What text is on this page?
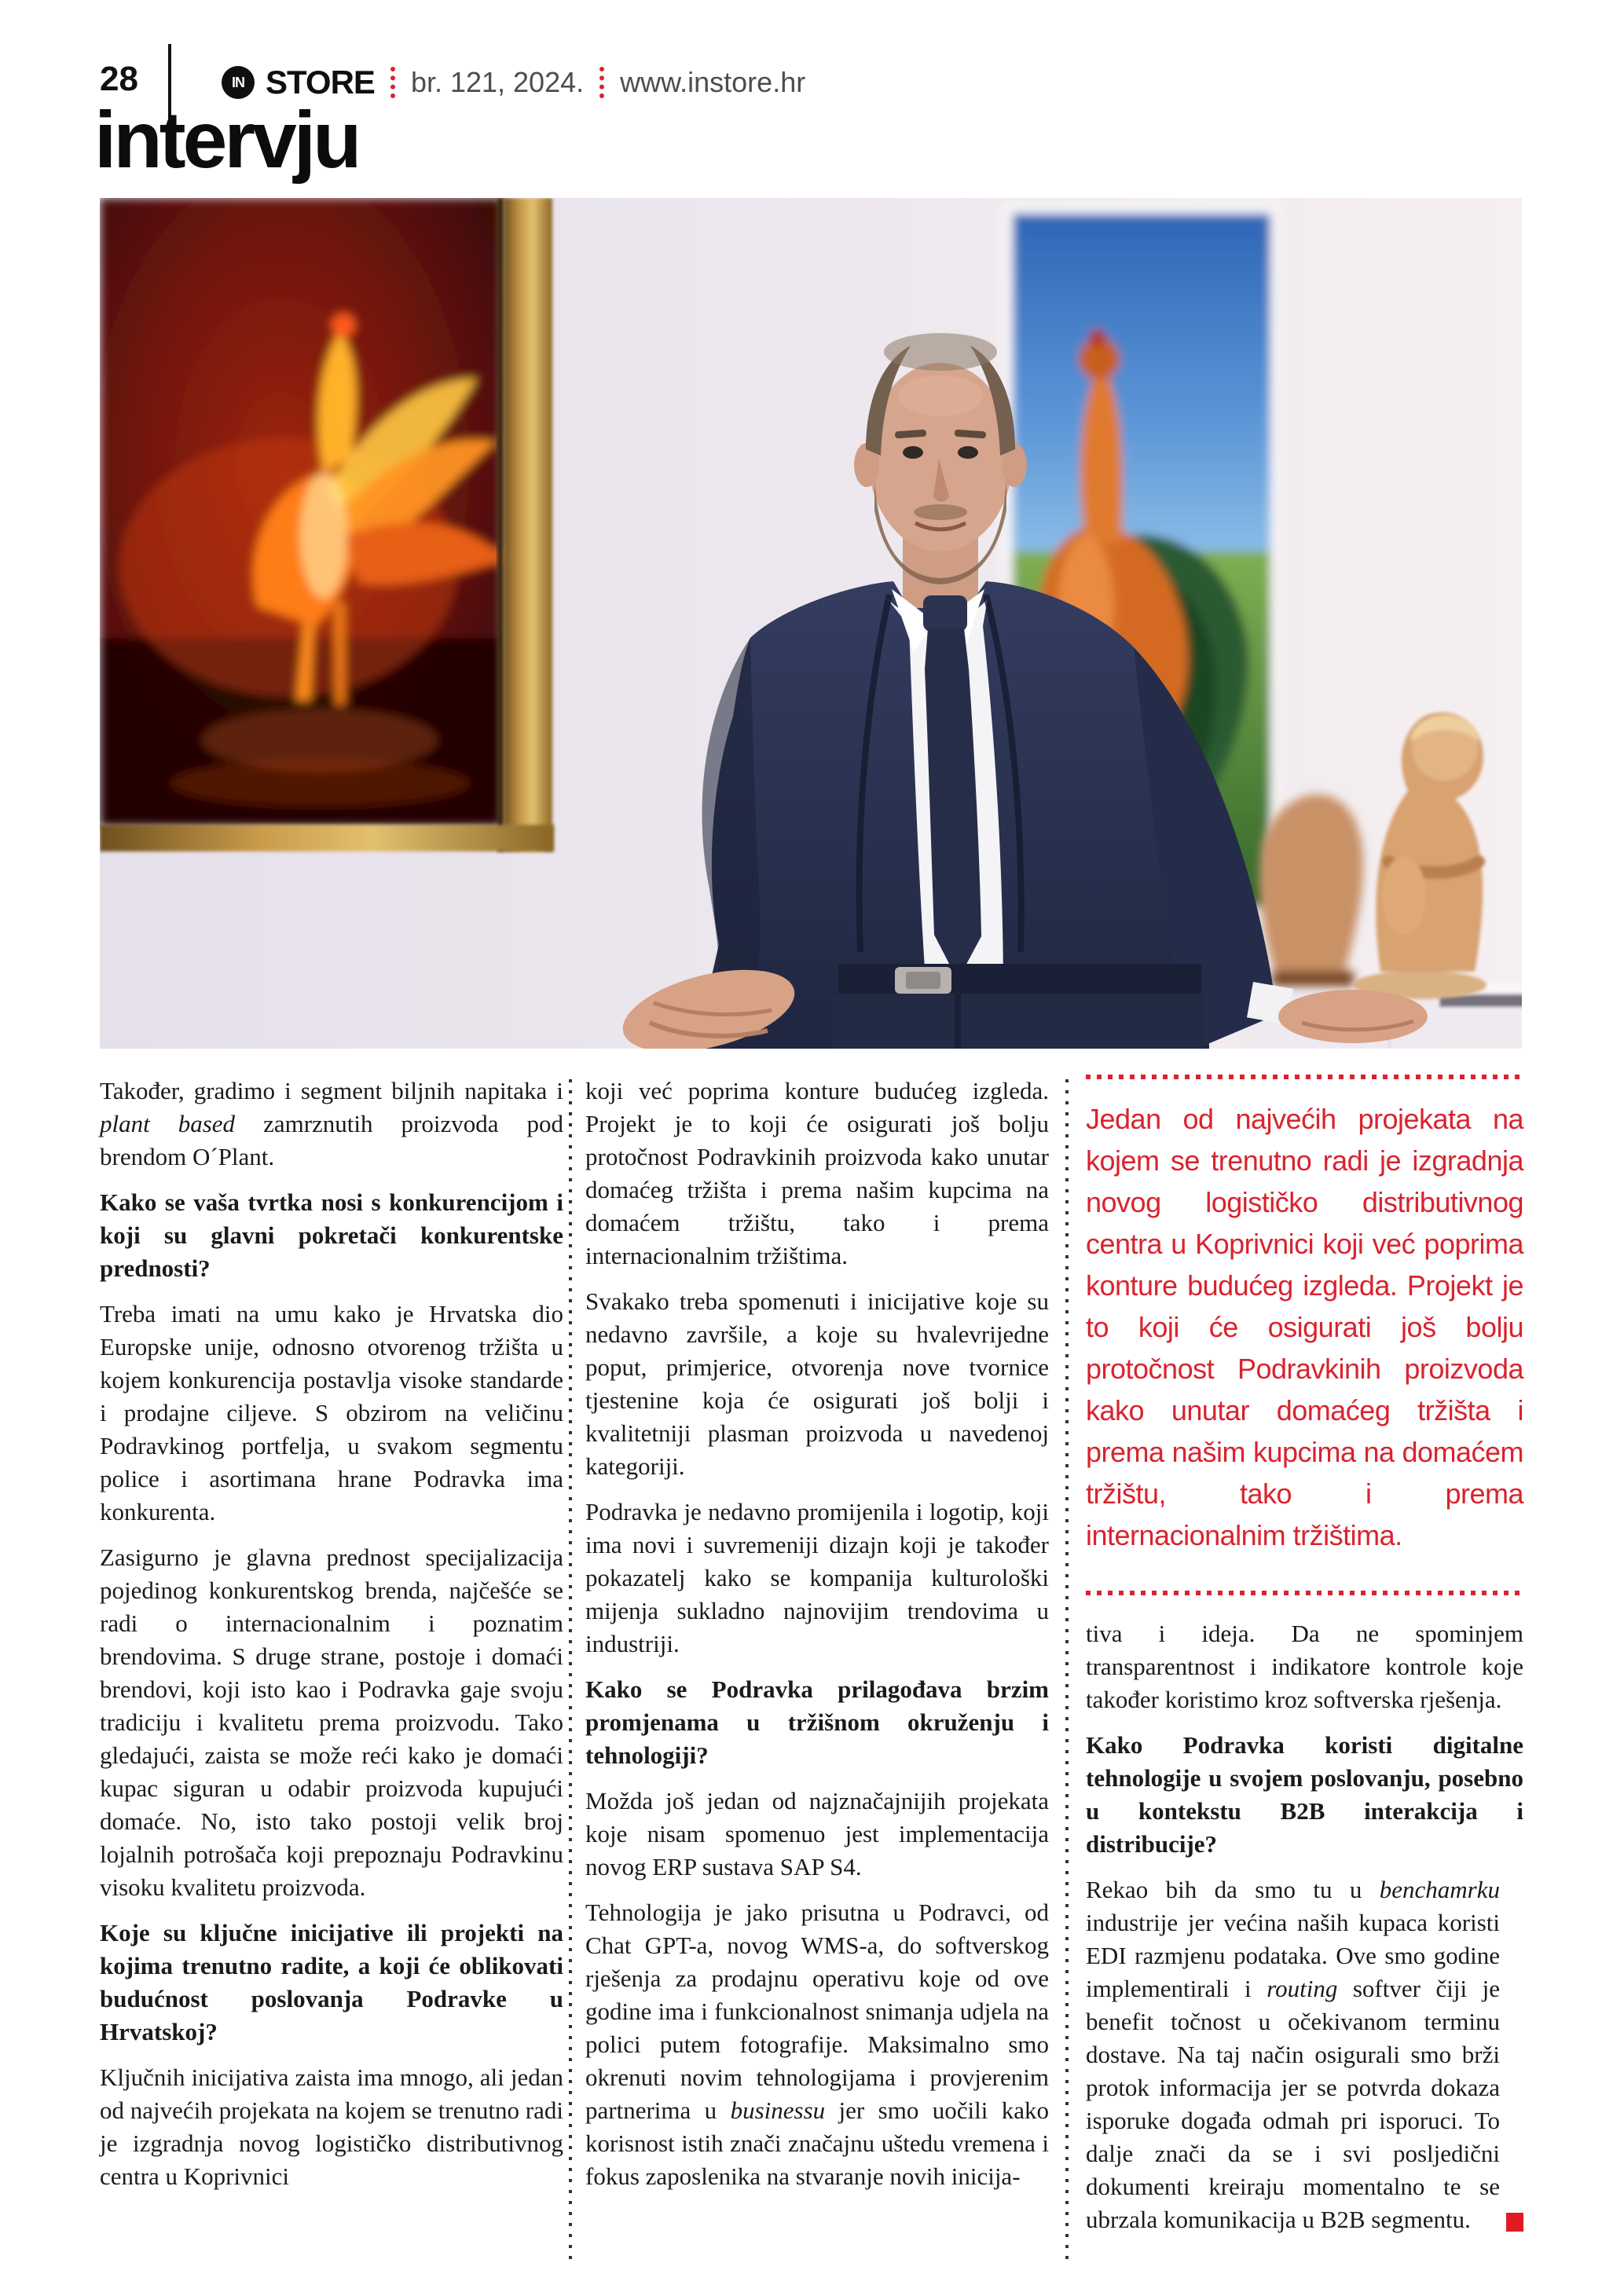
28	IN STORE br. 121, 2024. www.instore.hr
intervju

Također, gradimo i segment biljnih napitaka i plant based zamrznutih proizvoda pod brendom O´Plant.

Kako se vaša tvrtka nosi s konkurencijom i koji su glavni pokretači konkurentske prednosti?

Treba imati na umu kako je Hrvatska dio Europske unije, odnosno otvorenog tržišta u kojem konkurencija postavlja visoke standarde i prodajne ciljeve. S obzirom na veličinu Podravkinog portfelja, u svakom segmentu police i asortimana hrane Podravka ima konkurenta.

Zasigurno je glavna prednost specijalizacija pojedinog konkurentskog brenda, najčešće se radi o internacionalnim i poznatim brendovima. S druge strane, postoje i domaći brendovi, koji isto kao i Podravka gaje svoju tradiciju i kvalitetu prema proizvodu. Tako gledajući, zaista se može reći kako je domaći kupac siguran u odabir proizvoda kupujući domaće. No, isto tako postoji velik broj lojalnih potrošača koji prepoznaju Podravkinu visoku kvalitetu proizvoda.

Koje su ključne inicijative ili projekti na kojima trenutno radite, a koji će oblikovati budućnost poslovanja Podravke u Hrvatskoj?

Ključnih inicijativa zaista ima mnogo, ali jedan od najvećih projekata na kojem se trenutno radi je izgradnja novog logističko distributivnog centra u Koprivnici

koji već poprima konture budućeg izgleda. Projekt je to koji će osigurati još bolju protočnost Podravkinih proizvoda kako unutar domaćeg tržišta i prema našim kupcima na domaćem tržištu, tako i prema internacionalnim tržištima.

Svakako treba spomenuti i inicijative koje su nedavno završile, a koje su hvalevrijedne poput, primjerice, otvorenja nove tvornice tjestenine koja će osigurati još bolji i kvalitetniji plasman proizvoda u navedenoj kategoriji.

Podravka je nedavno promijenila i logotip, koji ima novi i suvremeniji dizajn koji je također pokazatelj kako se kompanija kulturološki mijenja sukladno najnovijim trendovima u industriji.

Kako se Podravka prilagođava brzim promjenama u tržišnom okruženju i tehnologiji?

Možda još jedan od najznačajnijih projekata koje nisam spomenuo jest implementacija novog ERP sustava SAP S4.

Tehnologija je jako prisutna u Podravci, od Chat GPT-a, novog WMS-a, do softverskog rješenja za prodajnu operativu koje od ove godine ima i funkcionalnost snimanja udjela na polici putem fotografije. Maksimalno smo okrenuti novim tehnologijama i provjerenim partnerima u businessu jer smo uočili kako korisnost istih znači značajnu uštedu vremena i fokus zaposlenika na stvaranje novih inicija-

Jedan od najvećih projekata na kojem se trenutno radi je izgradnja novog logističko distributivnog centra u Koprivnici koji već poprima konture budućeg izgleda. Projekt je to koji će osigurati još bolju protočnost Podravkinih proizvoda kako unutar domaćeg tržišta i prema našim kupcima na domaćem tržištu, tako i prema internacionalnim tržištima.

tiva i ideja. Da ne spominjem transparentnost i indikatore kontrole koje također koristimo kroz softverska rješenja.

Kako Podravka koristi digitalne tehnologije u svojem poslovanju, posebno u kontekstu B2B interakcija i distribucije?

Rekao bih da smo tu u benchamrku industrije jer većina naših kupaca koristi EDI razmjenu podataka. Ove smo godine implementirali i routing softver čiji je benefit točnost u očekivanom terminu dostave. Na taj način osigurali smo brži protok informacija jer se potvrda dokaza isporuke događa odmah pri isporuci. To dalje znači da se i svi posljedični dokumenti kreiraju momentalno te se ubrzala komunikacija u B2B segmentu.
